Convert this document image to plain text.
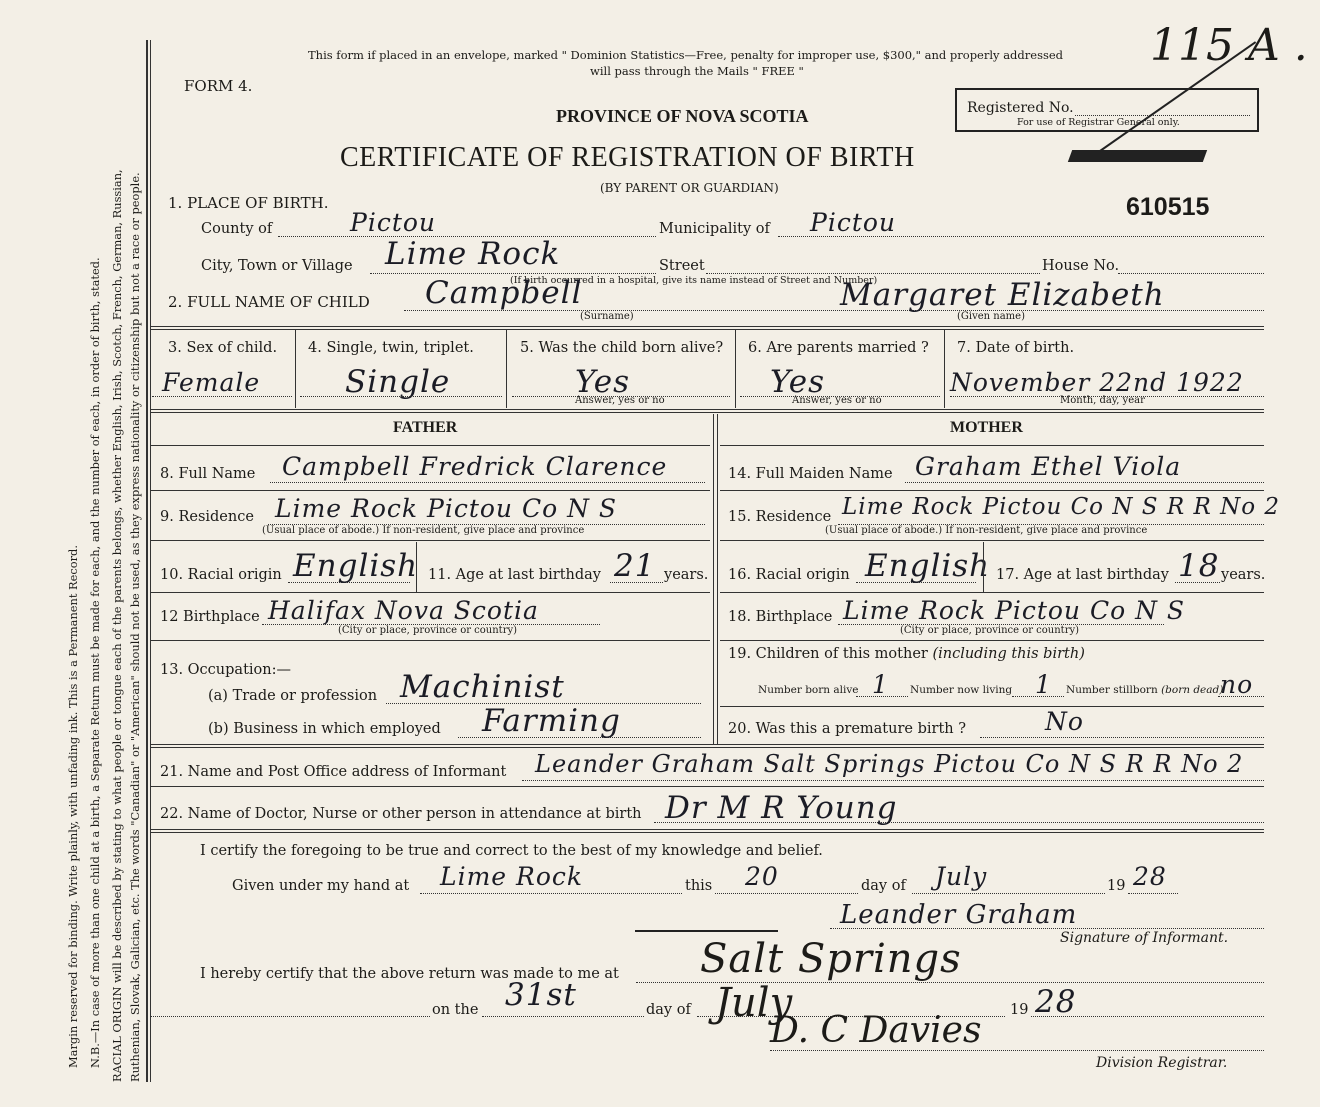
Margin reserved for binding. Write plainly, with unfading ink. This is a Permanent Record. N.B.—In case of more than one child at a birth, a Separate Return must be made for each, and the number of each, in order of birth, stated. RACIAL ORIGIN will be described by stating to what people or tongue each of the parents belongs, whether English, Irish, Scotch, French, German, Russian, Ruthenian, Slovak, Galician, etc. The words "Canadian" or "American" should not be used, as they express nationality or citizenship but not a race or people.
This form if placed in an envelope, marked " Dominion Statistics—Free, penalty for improper use, $300," and properly addressed
will pass through the Mails " FREE "
FORM 4.
PROVINCE OF NOVA SCOTIA
CERTIFICATE OF REGISTRATION OF BIRTH
(BY PARENT OR GUARDIAN)
Registered No.
For use of Registrar General only.
115 A .
610515
1. PLACE OF BIRTH.
County of	Pictou	Municipality of Pictou
City, Town or Village Lime Rock	Street	House No.
(If birth occurred in a hospital, give its name instead of Street and Number)
2. FULL NAME OF CHILD Campbell
(Surname)
Margaret Elizabeth
(Given name)
3. Sex of child.
Female
4. Single, twin, triplet.
Single
5. Was the child born alive?
Yes
Answer, yes or no
6. Are parents married ?
Yes
Answer, yes or no
7. Date of birth.
November 22nd 1922
Month, day, year
FATHER	MOTHER
8. Full Name Campbell Fredrick Clarence
9. Residence Lime Rock Pictou Co N S
(Usual place of abode.) If non-resident, give place and province
10. Racial origin English 11. Age at last birthday 21 years.
12 Birthplace Halifax Nova Scotia
(City or place, province or country)
13. Occupation:—
(a) Trade or profession Machinist
(b) Business in which employed Farming
14. Full Maiden Name Graham Ethel Viola
15. Residence Lime Rock Pictou Co N S R R No 2
(Usual place of abode.) If non-resident, give place and province
16. Racial origin English 17. Age at last birthday 18 years.
18. Birthplace Lime Rock Pictou Co N S
(City or place, province or country)
19. Children of this mother (including this birth)
Number born alive 1 Number now living 1 Number stillborn (born dead)
no
20. Was this a premature birth ?	No
21. Name and Post Office address of Informant Leander Graham Salt Springs Pictou Co N S R R No 2
22. Name of Doctor, Nurse or other person in attendance at birth Dr M R Young
I certify the foregoing to be true and correct to the best of my knowledge and belief.
Given under my hand at Lime Rock	this 20	day of July	19 28
Leander Graham
Signature of Informant.
I hereby certify that the above return was made to me at Salt Springs
on the 31st	day of July	19 28
D. C Davies
Division Registrar.
